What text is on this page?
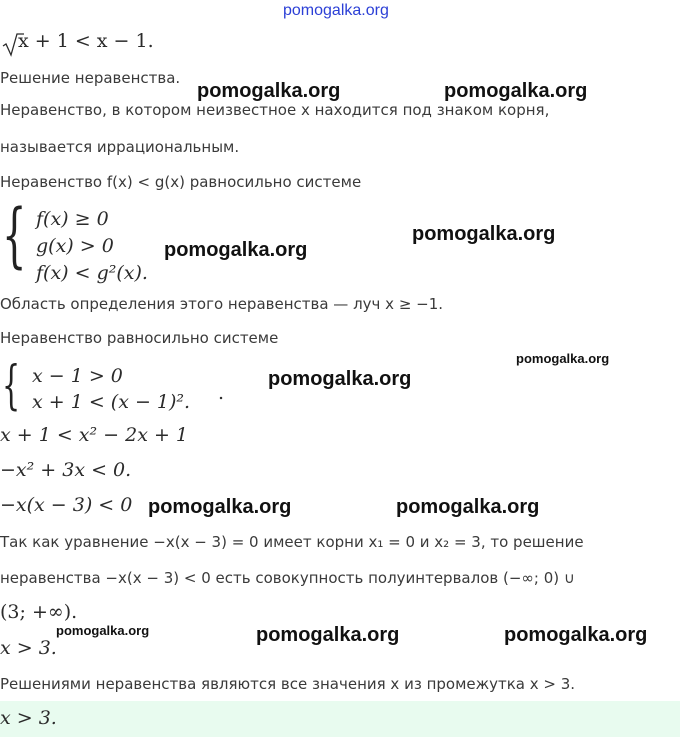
pomogalka.org
x + 1 < x − 1.
Решение неравенства.
pomogalka.org	pomogalka.org
Неравенство, в котором неизвестное x находится под знаком корня,
называется иррациональным.
Неравенство f(x) < g(x) равносильно системе
{ f(x) ≥ 0
g(x) > 0
f(x) < g²(x).
pomogalka.org
pomogalka.org
Область определения этого неравенства — луч x ≥ −1.
Неравенство равносильно системе
pomogalka.org
{ x − 1 > 0
x + 1 < (x − 1)². .
pomogalka.org
x + 1 < x² − 2x + 1
−x² + 3x < 0.
−x(x − 3) < 0 pomogalka.org	pomogalka.org
Так как уравнение −x(x − 3) = 0 имеет корни x₁ = 0 и x₂ = 3, то решение
неравенства −x(x − 3) < 0 есть совокупность полуинтервалов (−∞; 0) ∪
(3; +∞).
x > 3.
pomogalka.org	pomogalka.org	pomogalka.org
Решениями неравенства являются все значения x из промежутка x > 3.
x > 3.
